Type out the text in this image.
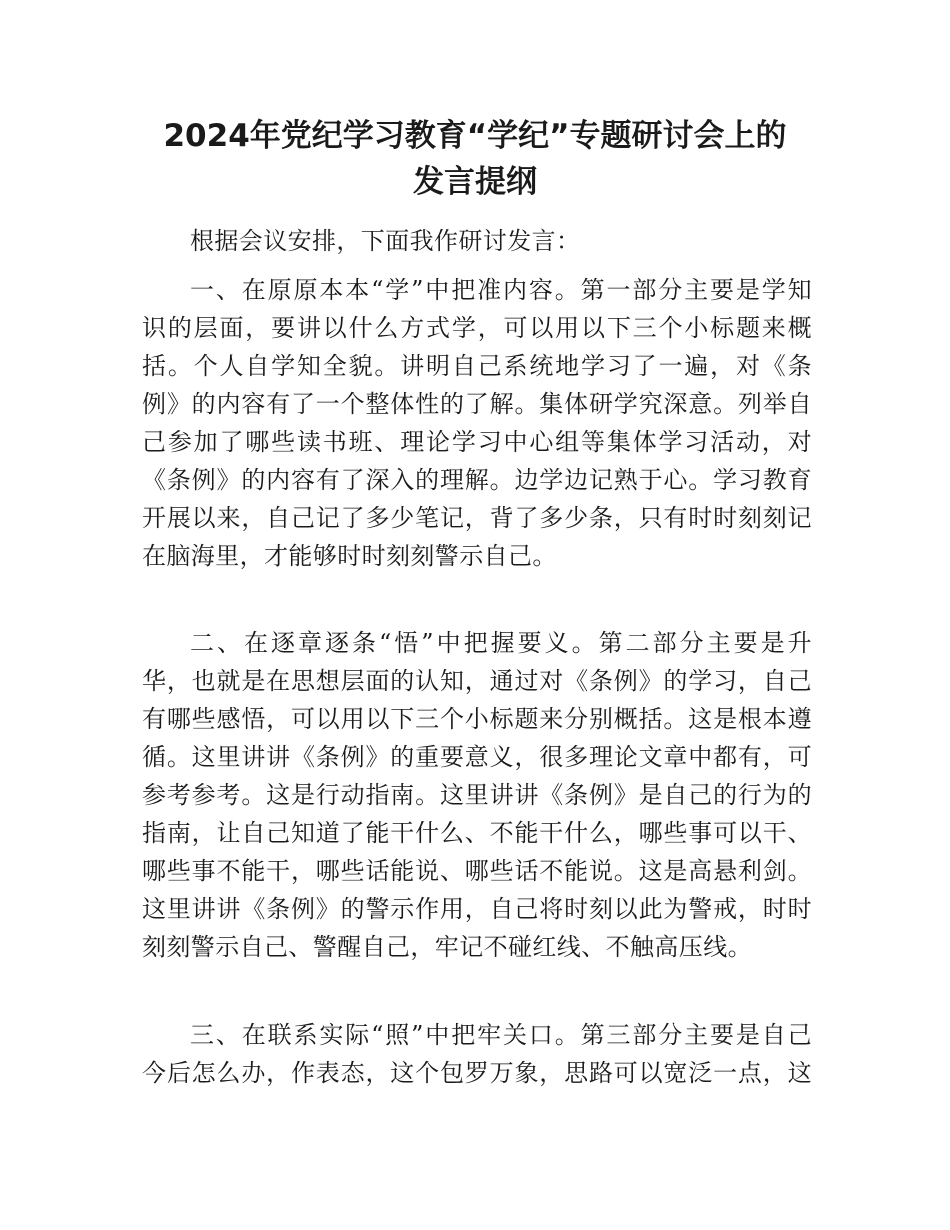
2024年党纪学习教育“学纪”专题研讨会上的
发言提纲
根据会议安排，下面我作研讨发言：
一、在原原本本“学”中把准内容。第一部分主要是学知
识的层面，要讲以什么方式学，可以用以下三个小标题来概
括。个人自学知全貌。讲明自己系统地学习了一遍，对《条
例》的内容有了一个整体性的了解。集体研学究深意。列举自
己参加了哪些读书班、理论学习中心组等集体学习活动，对
《条例》的内容有了深入的理解。边学边记熟于心。学习教育
开展以来，自己记了多少笔记，背了多少条，只有时时刻刻记
在脑海里，才能够时时刻刻警示自己。
二、在逐章逐条“悟”中把握要义。第二部分主要是升
华，也就是在思想层面的认知，通过对《条例》的学习，自己
有哪些感悟，可以用以下三个小标题来分别概括。这是根本遵
循。这里讲讲《条例》的重要意义，很多理论文章中都有，可
参考参考。这是行动指南。这里讲讲《条例》是自己的行为的
指南，让自己知道了能干什么、不能干什么，哪些事可以干、
哪些事不能干，哪些话能说、哪些话不能说。这是高悬利剑。
这里讲讲《条例》的警示作用，自己将时刻以此为警戒，时时
刻刻警示自己、警醒自己，牢记不碰红线、不触高压线。
三、在联系实际“照”中把牢关口。第三部分主要是自己
今后怎么办，作表态，这个包罗万象，思路可以宽泛一点，这
